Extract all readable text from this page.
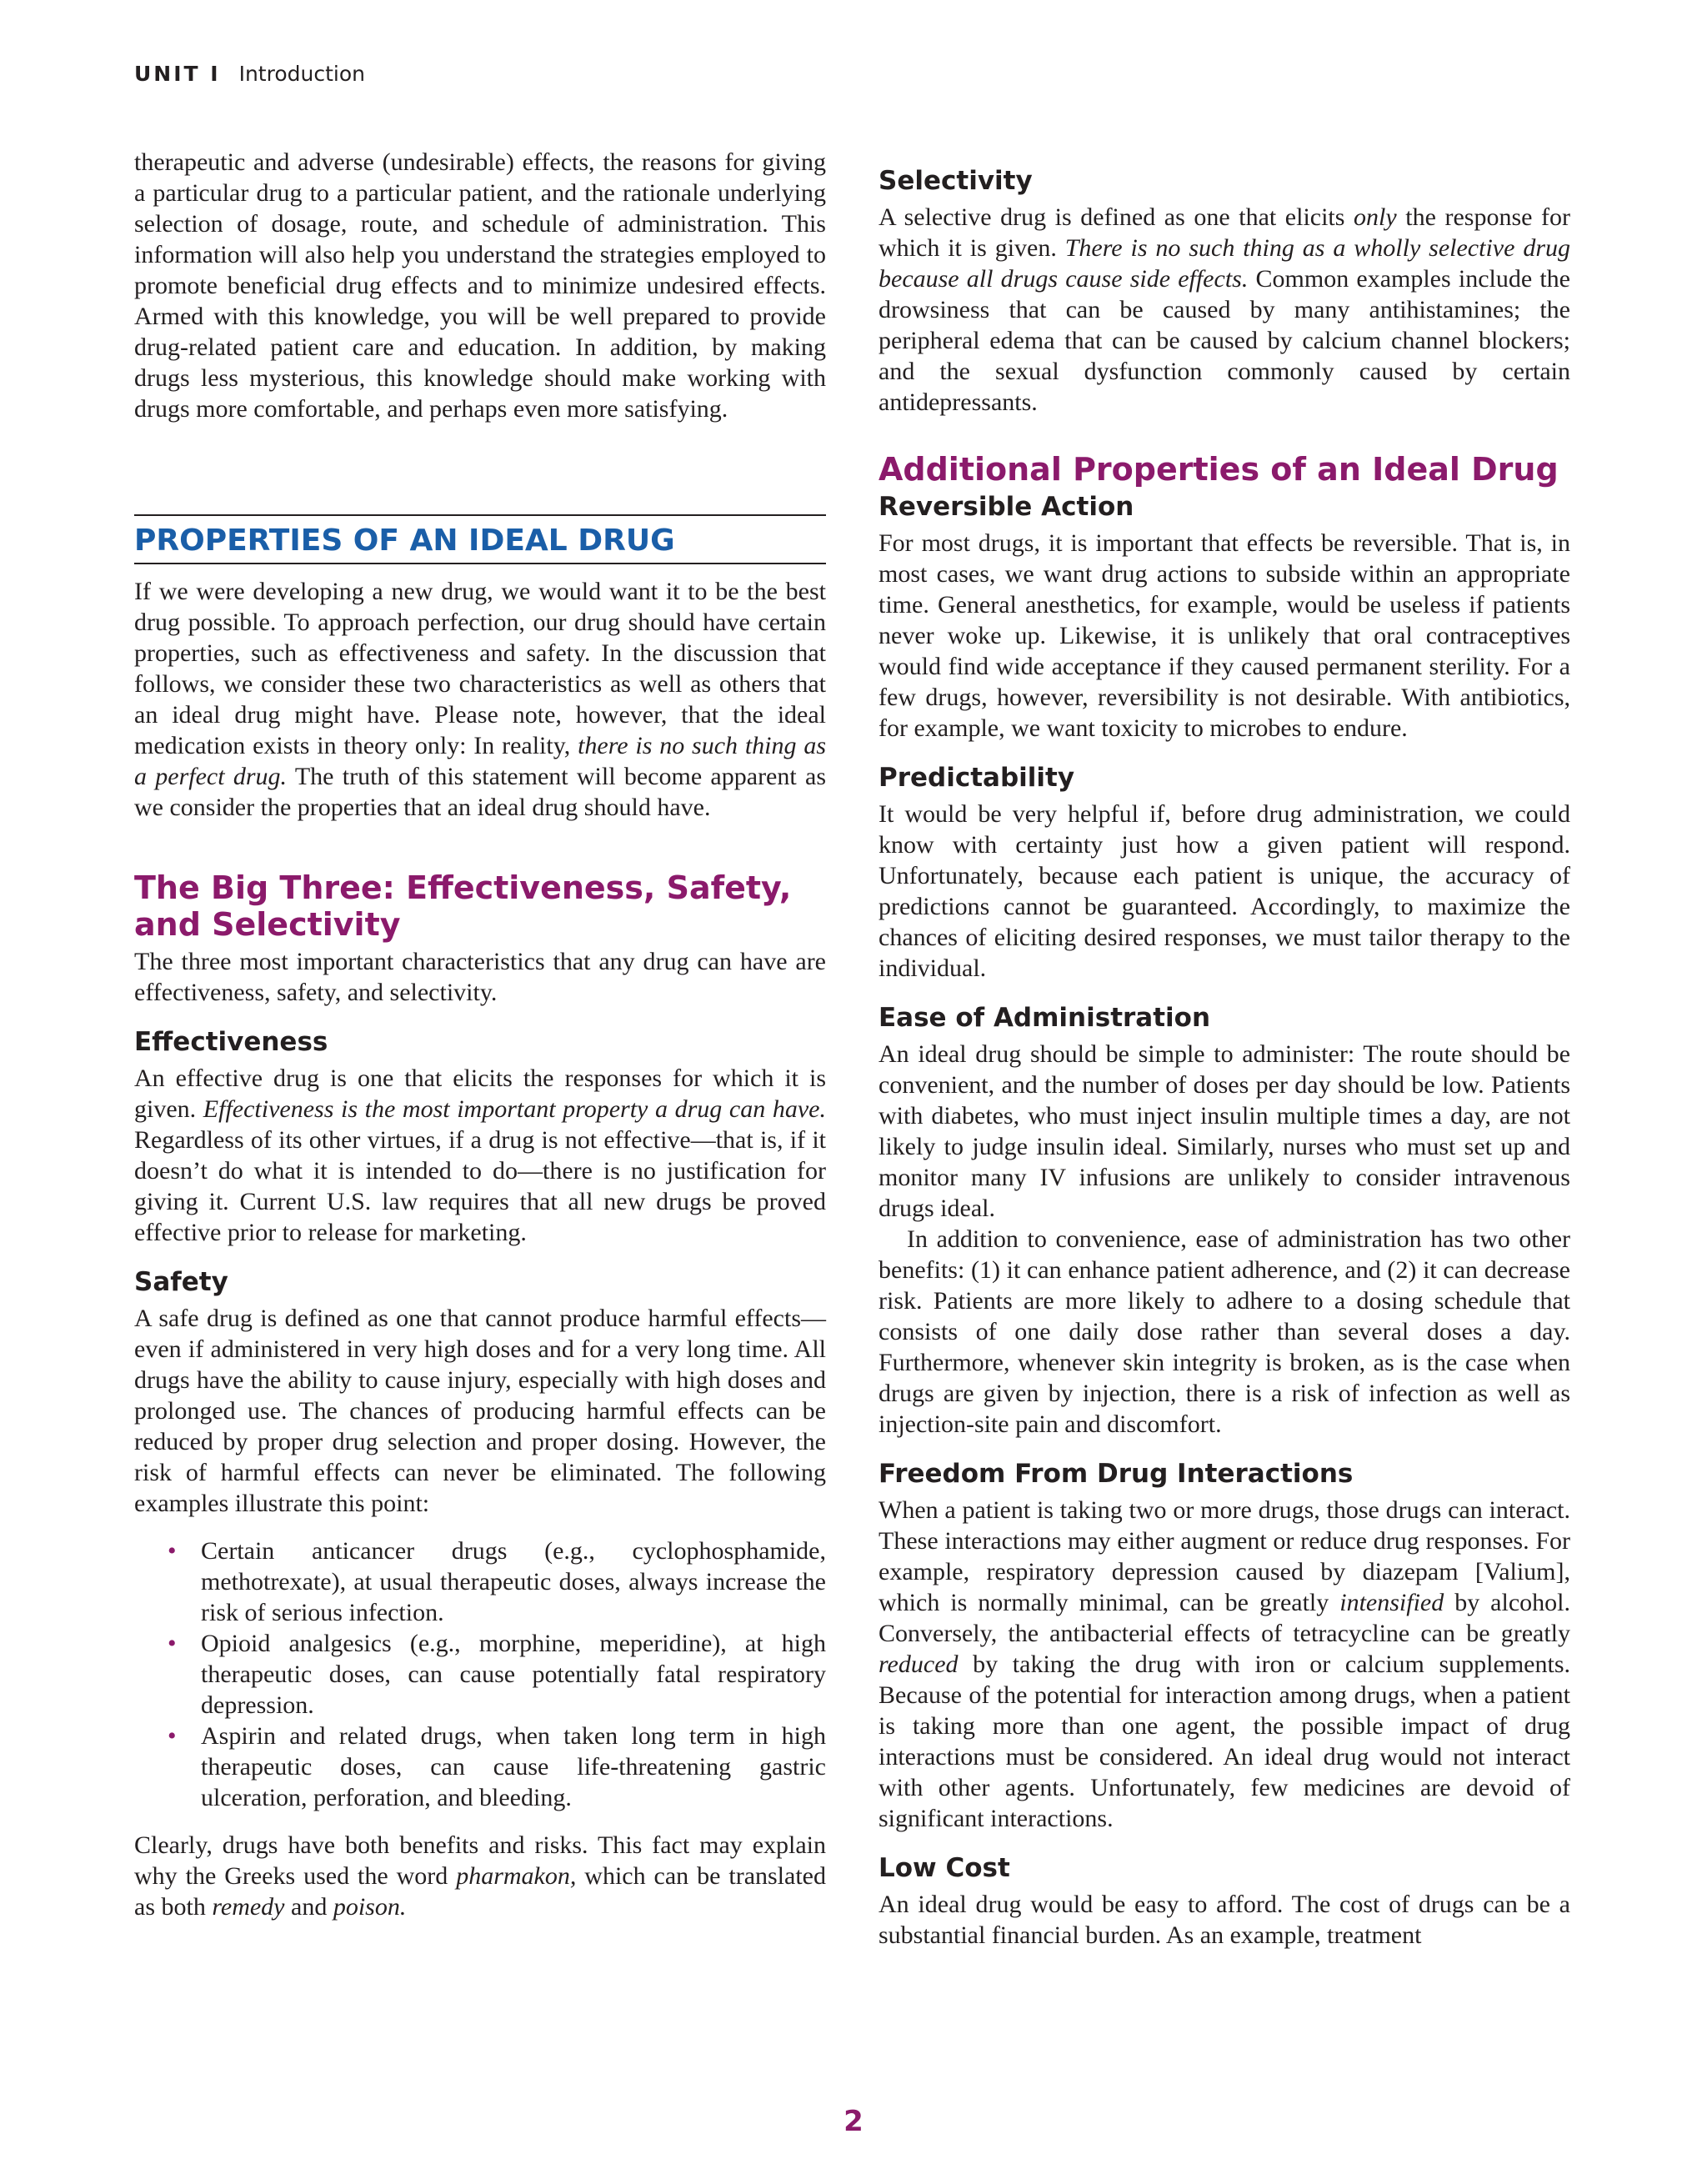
UNIT I Introduction

therapeutic and adverse (undesirable) effects, the reasons for giving a particular drug to a particular patient, and the rationale underlying selection of dosage, route, and schedule of administration. This information will also help you understand the strategies employed to promote beneficial drug effects and to minimize undesired effects. Armed with this knowledge, you will be well prepared to provide drug-related patient care and education. In addition, by making drugs less mysterious, this knowledge should make working with drugs more comfortable, and perhaps even more satisfying.

PROPERTIES OF AN IDEAL DRUG

If we were developing a new drug, we would want it to be the best drug possible. To approach perfection, our drug should have certain properties, such as effectiveness and safety. In the discussion that follows, we consider these two characteristics as well as others that an ideal drug might have. Please note, however, that the ideal medication exists in theory only: In reality, there is no such thing as a perfect drug. The truth of this statement will become apparent as we consider the properties that an ideal drug should have.

The Big Three: Effectiveness, Safety,
and Selectivity

The three most important characteristics that any drug can have are effectiveness, safety, and selectivity.

Effectiveness

An effective drug is one that elicits the responses for which it is given. Effectiveness is the most important property a drug can have. Regardless of its other virtues, if a drug is not effective—that is, if it doesn’t do what it is intended to do—there is no justification for giving it. Current U.S. law requires that all new drugs be proved effective prior to release for marketing.

Safety

A safe drug is defined as one that cannot produce harmful effects—even if administered in very high doses and for a very long time. All drugs have the ability to cause injury, especially with high doses and prolonged use. The chances of producing harmful effects can be reduced by proper drug selection and proper dosing. However, the risk of harmful effects can never be eliminated. The following examples illustrate this point:

• Certain anticancer drugs (e.g., cyclophosphamide, methotrexate), at usual therapeutic doses, always increase the risk of serious infection.
• Opioid analgesics (e.g., morphine, meperidine), at high therapeutic doses, can cause potentially fatal respiratory depression.
• Aspirin and related drugs, when taken long term in high therapeutic doses, can cause life-threatening gastric ulceration, perforation, and bleeding.

Clearly, drugs have both benefits and risks. This fact may explain why the Greeks used the word pharmakon, which can be translated as both remedy and poison.

Selectivity

A selective drug is defined as one that elicits only the response for which it is given. There is no such thing as a wholly selective drug because all drugs cause side effects. Common examples include the drowsiness that can be caused by many antihistamines; the peripheral edema that can be caused by calcium channel blockers; and the sexual dysfunction commonly caused by certain antidepressants.

Additional Properties of an Ideal Drug
Reversible Action

For most drugs, it is important that effects be reversible. That is, in most cases, we want drug actions to subside within an appropriate time. General anesthetics, for example, would be useless if patients never woke up. Likewise, it is unlikely that oral contraceptives would find wide acceptance if they caused permanent sterility. For a few drugs, however, reversibility is not desirable. With antibiotics, for example, we want toxicity to microbes to endure.

Predictability

It would be very helpful if, before drug administration, we could know with certainty just how a given patient will respond. Unfortunately, because each patient is unique, the accuracy of predictions cannot be guaranteed. Accordingly, to maximize the chances of eliciting desired responses, we must tailor therapy to the individual.

Ease of Administration

An ideal drug should be simple to administer: The route should be convenient, and the number of doses per day should be low. Patients with diabetes, who must inject insulin multiple times a day, are not likely to judge insulin ideal. Similarly, nurses who must set up and monitor many IV infusions are unlikely to consider intravenous drugs ideal.

In addition to convenience, ease of administration has two other benefits: (1) it can enhance patient adherence, and (2) it can decrease risk. Patients are more likely to adhere to a dosing schedule that consists of one daily dose rather than several doses a day. Furthermore, whenever skin integrity is broken, as is the case when drugs are given by injection, there is a risk of infection as well as injection-site pain and discomfort.

Freedom From Drug Interactions

When a patient is taking two or more drugs, those drugs can interact. These interactions may either augment or reduce drug responses. For example, respiratory depression caused by diazepam [Valium], which is normally minimal, can be greatly intensified by alcohol. Conversely, the antibacterial effects of tetracycline can be greatly reduced by taking the drug with iron or calcium supplements. Because of the potential for interaction among drugs, when a patient is taking more than one agent, the possible impact of drug interactions must be considered. An ideal drug would not interact with other agents. Unfortunately, few medicines are devoid of significant interactions.

Low Cost

An ideal drug would be easy to afford. The cost of drugs can be a substantial financial burden. As an example, treatment

2
